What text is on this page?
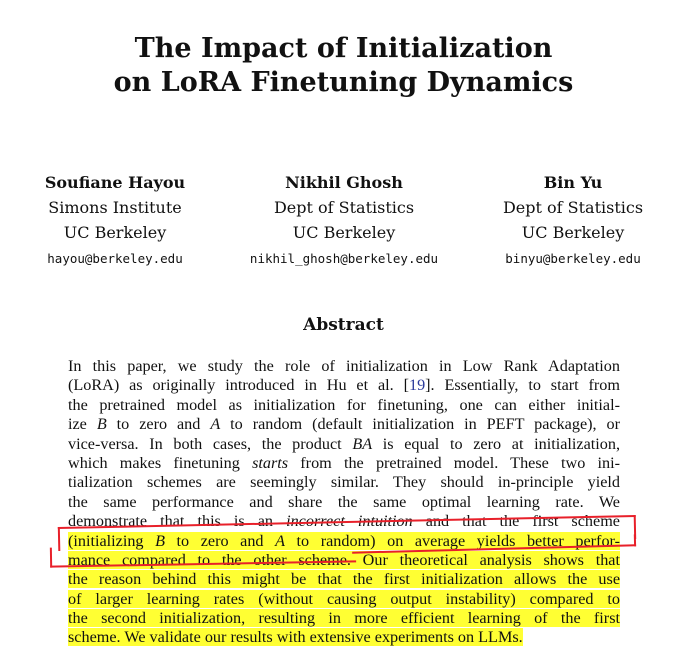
The Impact of Initialization
on LoRA Finetuning Dynamics
Soufiane Hayou
Simons Institute
UC Berkeley
hayou@berkeley.edu
Nikhil Ghosh
Dept of Statistics
UC Berkeley
nikhil_ghosh@berkeley.edu
Bin Yu
Dept of Statistics
UC Berkeley
binyu@berkeley.edu
Abstract
In this paper, we study the role of initialization in Low Rank Adaptation
(LoRA) as originally introduced in Hu et al. [19]. Essentially, to start from
the pretrained model as initialization for finetuning, one can either initial-
ize B to zero and A to random (default initialization in PEFT package), or
vice-versa. In both cases, the product BA is equal to zero at initialization,
which makes finetuning starts from the pretrained model. These two ini-
tialization schemes are seemingly similar. They should in-principle yield
the same performance and share the same optimal learning rate. We
demonstrate that this is an incorrect intuition and that the first scheme
(initializing B to zero and A to random) on average yields better perfor-
mance compared to the other scheme. Our theoretical analysis shows that
the reason behind this might be that the first initialization allows the use
of larger learning rates (without causing output instability) compared to
the second initialization, resulting in more efficient learning of the first
scheme. We validate our results with extensive experiments on LLMs.
